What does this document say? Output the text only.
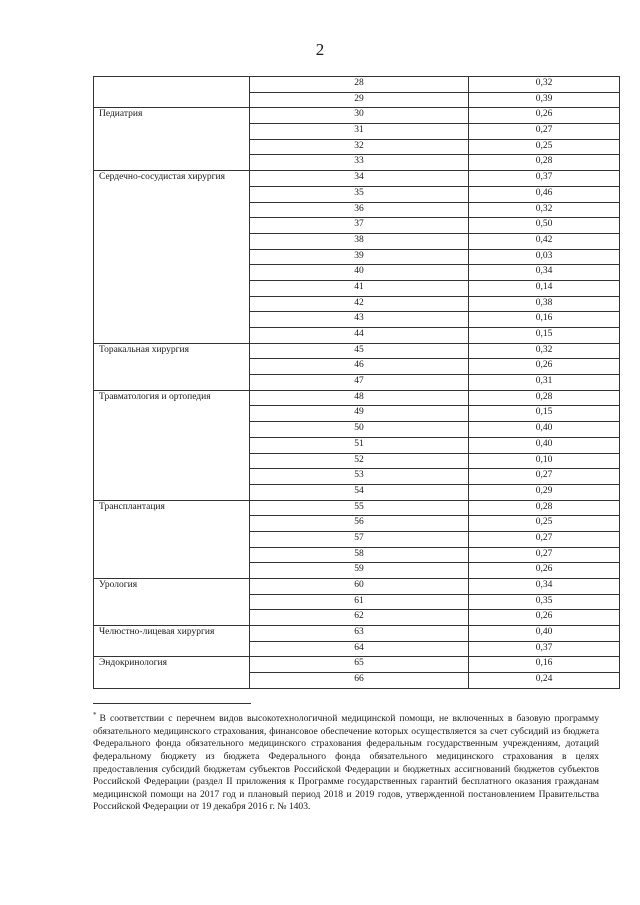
2
	28	0,32
	29	0,39
Педиатрия	30	0,26
	31	0,27
	32	0,25
	33	0,28
Сердечно-сосудистая хирургия	34	0,37
	35	0,46
	36	0,32
	37	0,50
	38	0,42
	39	0,03
	40	0,34
	41	0,14
	42	0,38
	43	0,16
	44	0,15
Торакальная хирургия	45	0,32
	46	0,26
	47	0,31
Травматология и ортопедия	48	0,28
	49	0,15
	50	0,40
	51	0,40
	52	0,10
	53	0,27
	54	0,29
Трансплантация	55	0,28
	56	0,25
	57	0,27
	58	0,27
	59	0,26
Урология	60	0,34
	61	0,35
	62	0,26
Челюстно-лицевая хирургия	63	0,40
	64	0,37
Эндокринология	65	0,16
	66	0,24
* В соответствии с перечнем видов высокотехнологичной медицинской помощи, не включенных в базовую программу обязательного медицинского страхования, финансовое обеспечение которых осуществляется за счет субсидий из бюджета Федерального фонда обязательного медицинского страхования федеральным государственным учреждениям, дотаций федеральному бюджету из бюджета Федерального фонда обязательного медицинского страхования в целях предоставления субсидий бюджетам субъектов Российской Федерации и бюджетных ассигнований бюджетов субъектов Российской Федерации (раздел II приложения к Программе государственных гарантий бесплатного оказания гражданам медицинской помощи на 2017 год и плановый период 2018 и 2019 годов, утвержденной постановлением Правительства Российской Федерации от 19 декабря 2016 г. № 1403.
